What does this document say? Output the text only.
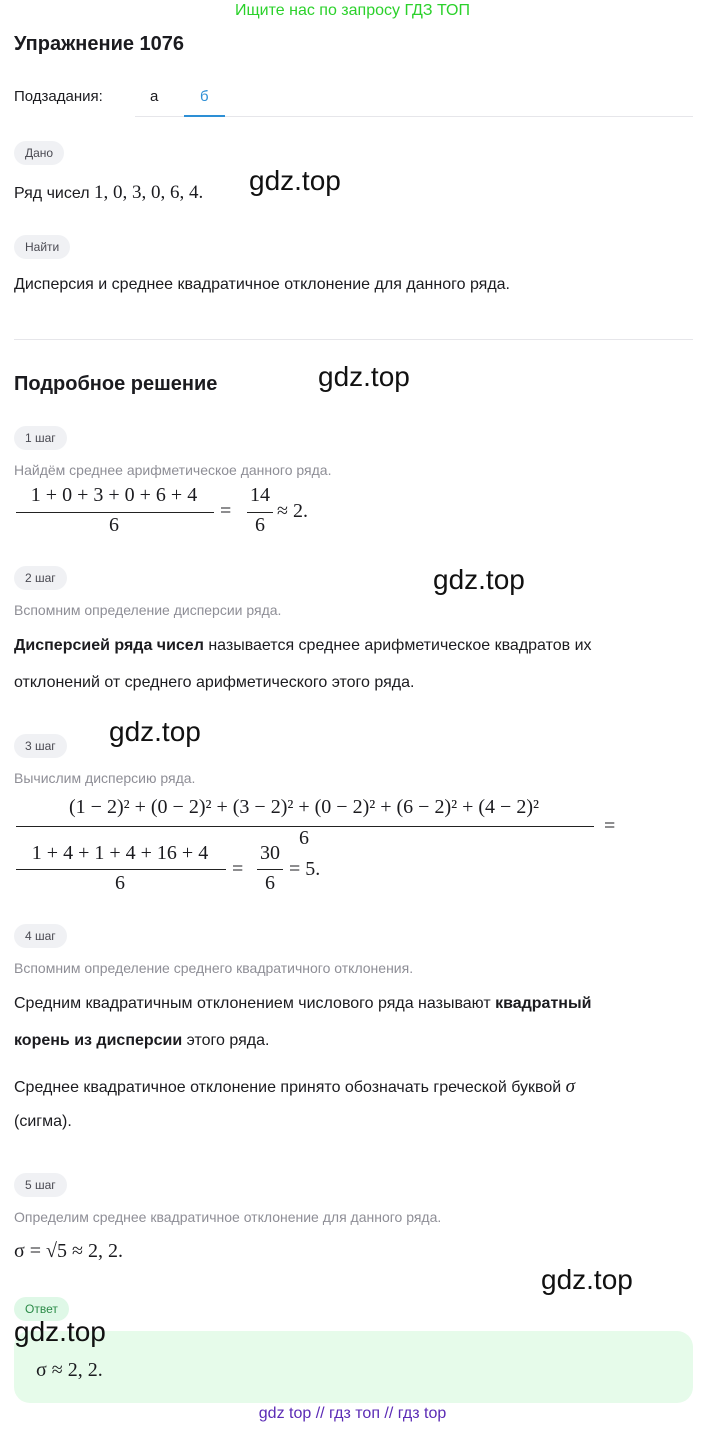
Ищите нас по запросу ГДЗ ТОП
Упражнение 1076
Подзадания:	а	б
Дано
Ряд чисел 1, 0, 3, 0, 6, 4.
Найти
Дисперсия и среднее квадратичное отклонение для данного ряда.
Подробное решение
1 шаг
Найдём среднее арифметическое данного ряда.
1 + 0 + 3 + 0 + 6 + 4
6
=
14
6
≈ 2.
2 шаг
Вспомним определение дисперсии ряда.
Дисперсией ряда чисел называется среднее арифметическое квадратов их
отклонений от среднего арифметического этого ряда.
3 шаг
Вычислим дисперсию ряда.
(1 − 2)² + (0 − 2)² + (3 − 2)² + (0 − 2)² + (6 − 2)² + (4 − 2)²
6
=
1 + 4 + 1 + 4 + 16 + 4
6
=
30
6
= 5.
4 шаг
Вспомним определение среднего квадратичного отклонения.
Средним квадратичным отклонением числового ряда называют квадратный
корень из дисперсии этого ряда.
Среднее квадратичное отклонение принято обозначать греческой буквой σ
(сигма).
5 шаг
Определим среднее квадратичное отклонение для данного ряда.
σ = √5 ≈ 2, 2.
Ответ
σ ≈ 2, 2.
gdz.top
gdz.top
gdz.top
gdz.top
gdz.top
gdz.top
gdz top // гдз топ // гдз top
